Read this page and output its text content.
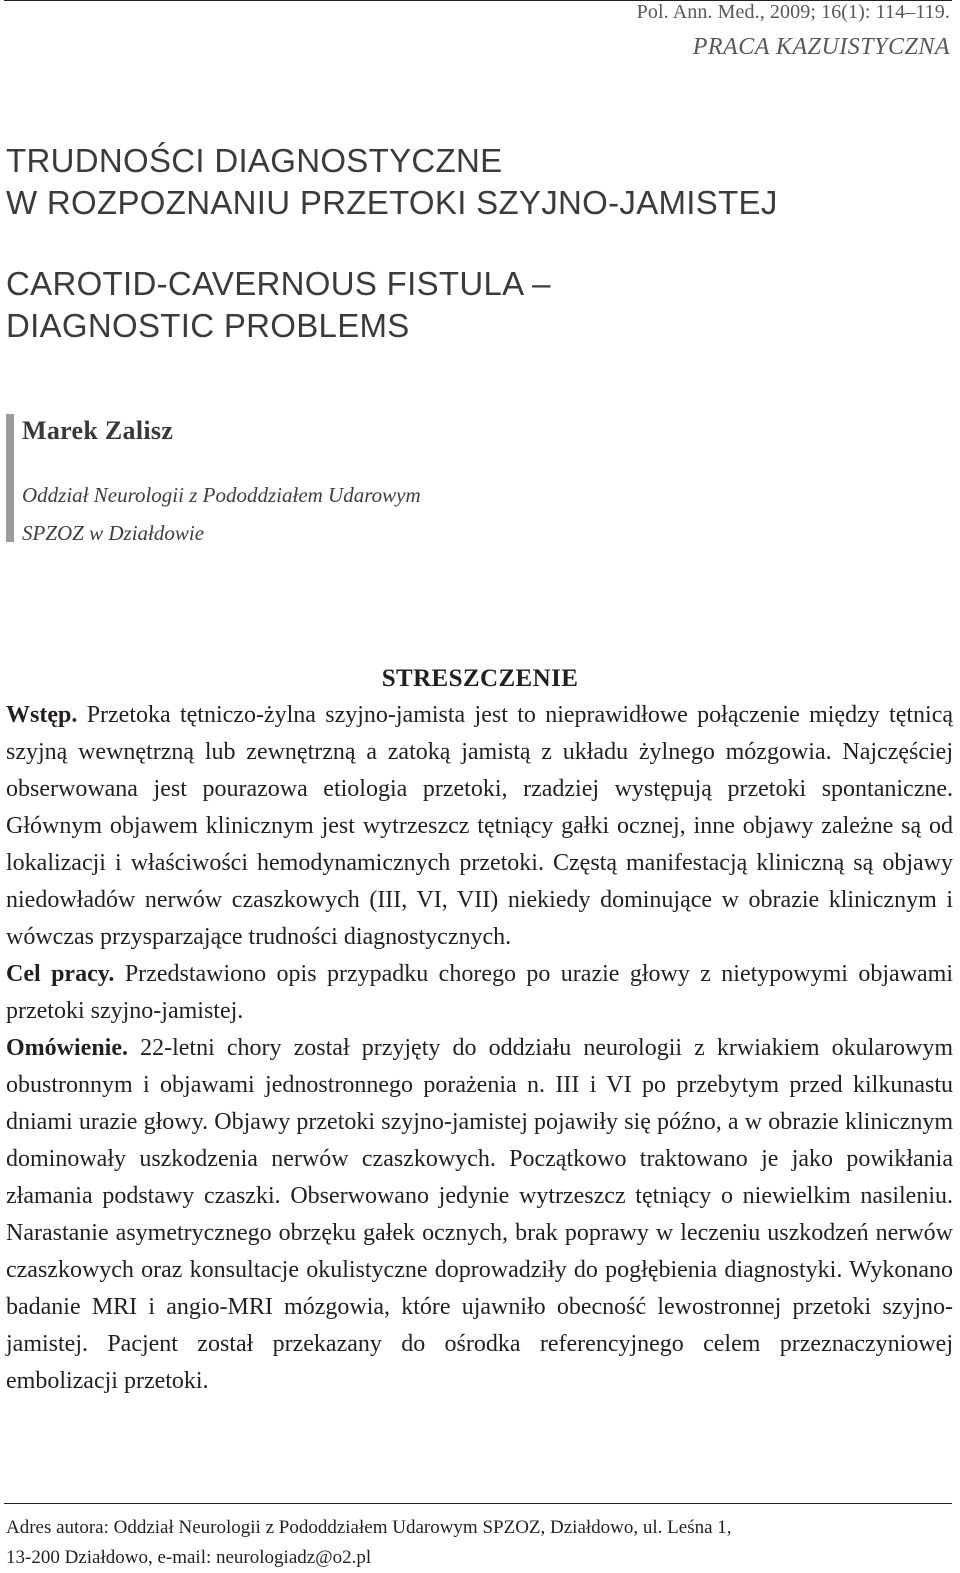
Pol. Ann. Med., 2009; 16(1): 114–119.
PRACA KAZUISTYCZNA
TRUDNOŚCI DIAGNOSTYCZNE
W ROZPOZNANIU PRZETOKI SZYJNO-JAMISTEJ
CAROTID-CAVERNOUS FISTULA –
DIAGNOSTIC PROBLEMS
Marek Zalisz
Oddział Neurologii z Pododdziałem Udarowym
SPZOZ w Działdowie
STRESZCZENIE

Wstęp. Przetoka tętniczo-żylna szyjno-jamista jest to nieprawidłowe połączenie między tętnicą szyjną wewnętrzną lub zewnętrzną a zatoką jamistą z układu żylnego mózgowia. Najczęściej obserwowana jest pourazowa etiologia przetoki, rzadziej występują przetoki spontaniczne. Głównym objawem klinicznym jest wytrzeszcz tętniący gałki ocznej, inne objawy zależne są od lokalizacji i właściwości hemodynamicznych przetoki. Częstą manifestacją kliniczną są objawy niedowładów nerwów czaszkowych (III, VI, VII) niekiedy dominujące w obrazie klinicznym i wówczas przysparzające trudności diagnostycznych.

Cel pracy. Przedstawiono opis przypadku chorego po urazie głowy z nietypowymi objawami przetoki szyjno-jamistej.

Omówienie. 22-letni chory został przyjęty do oddziału neurologii z krwiakiem okularowym obustronnym i objawami jednostronnego porażenia n. III i VI po przebytym przed kilkunastu dniami urazie głowy. Objawy przetoki szyjno-jamistej pojawiły się późno, a w obrazie klinicznym dominowały uszkodzenia nerwów czaszkowych. Początkowo traktowano je jako powikłania złamania podstawy czaszki. Obserwowano jedynie wytrzeszcz tętniący o niewielkim nasileniu. Narastanie asymetrycznego obrzęku gałek ocznych, brak poprawy w leczeniu uszkodzeń nerwów czaszkowych oraz konsultacje okulistyczne doprowadziły do pogłębienia diagnostyki. Wykonano badanie MRI i angio-MRI mózgowia, które ujawniło obecność lewostronnej przetoki szyjno-jamistej. Pacjent został przekazany do ośrodka referencyjnego celem przeznaczyniowej embolizacji przetoki.

Adres autora: Oddział Neurologii z Pododdziałem Udarowym SPZOZ, Działdowo, ul. Leśna 1,
13-200 Działdowo, e-mail: neurologiadz@o2.pl
